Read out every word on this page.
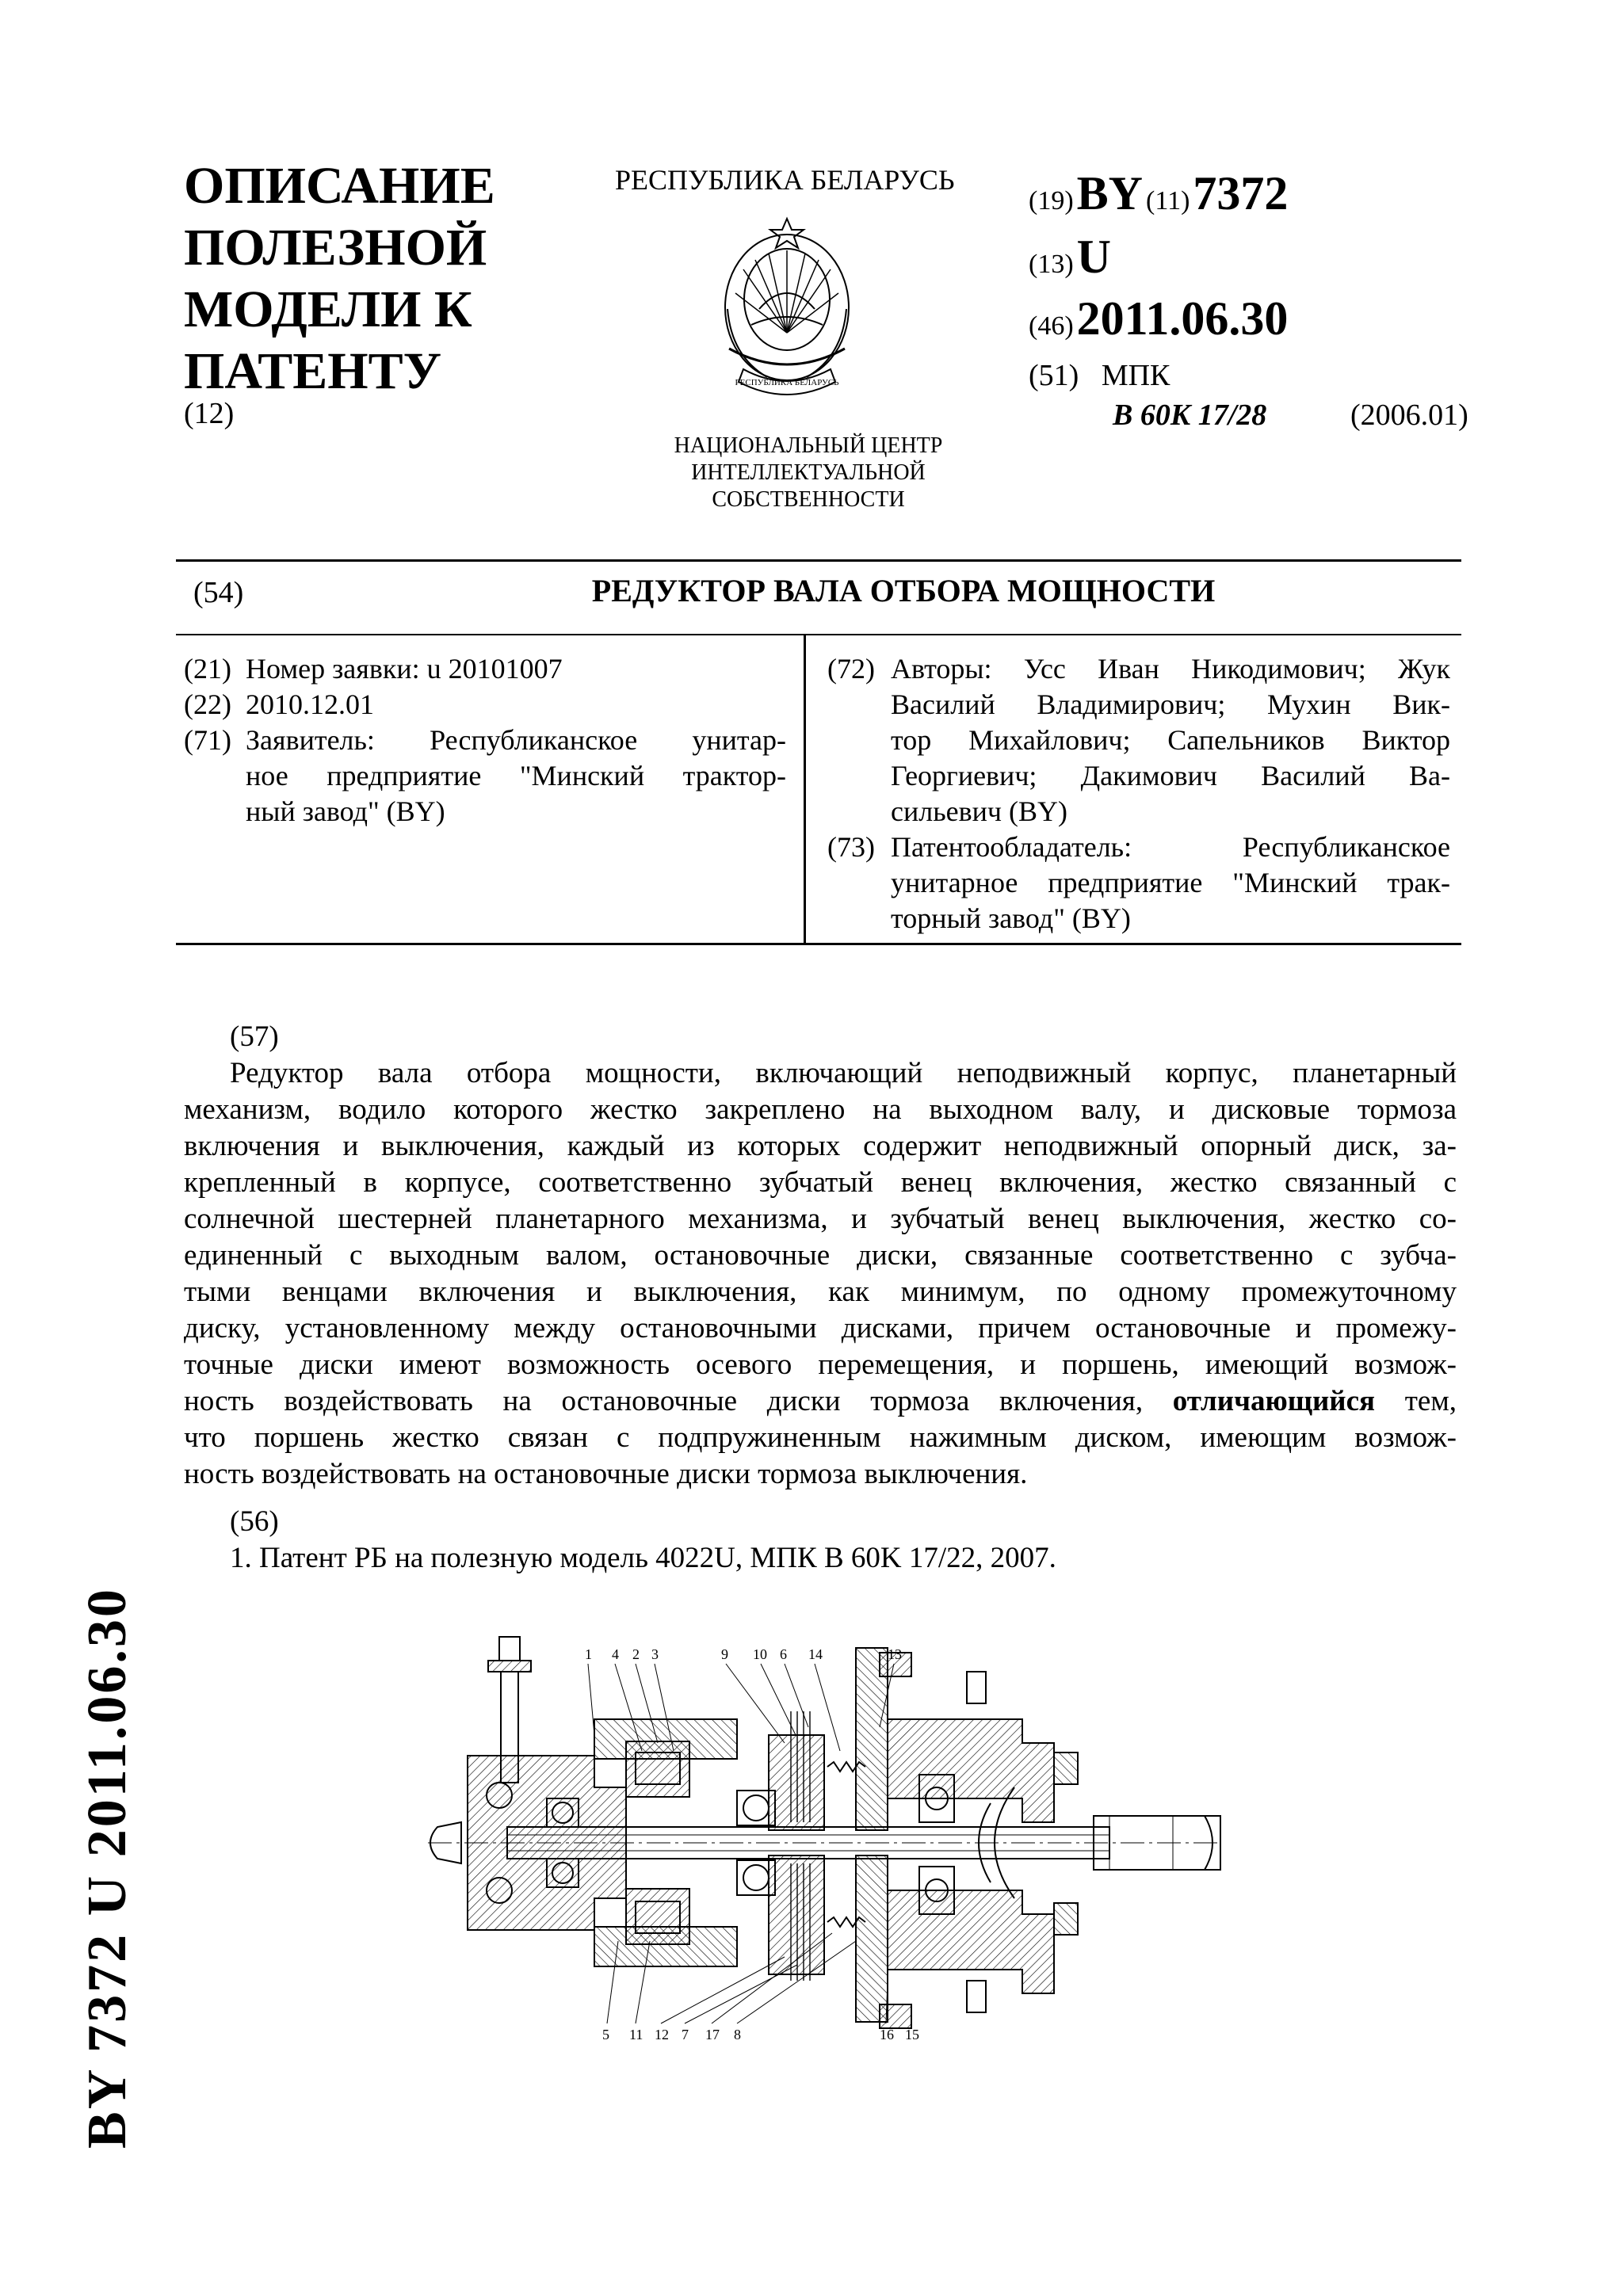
ОПИСАНИЕ
ПОЛЕЗНОЙ
МОДЕЛИ К
ПАТЕНТУ
(12)
РЕСПУБЛИКА БЕЛАРУСЬ
РЕСПУБЛИКА БЕЛАРУСЬ
НАЦИОНАЛЬНЫЙ ЦЕНТР
ИНТЕЛЛЕКТУАЛЬНОЙ
СОБСТВЕННОСТИ
(19) BY (11) 7372
(13) U
(46) 2011.06.30
(51) МПК
B 60K 17/28	(2006.01)
(54)	РЕДУКТОР ВАЛА ОТБОРА МОЩНОСТИ
(21) Номер заявки: u 20101007
(22) 2010.12.01
(71) Заявитель: Республиканское унитар-
ное предприятие "Минский трактор-
ный завод" (BY)
(72) Авторы: Усс Иван Никодимович; Жук
Василий Владимирович; Мухин Вик-
тор Михайлович; Сапельников Виктор
Георгиевич; Дакимович Василий Ва-
сильевич (BY)
(73) Патентообладатель: Республиканское
унитарное предприятие "Минский трак-
торный завод" (BY)
(57)
Редуктор вала отбора мощности, включающий неподвижный корпус, планетарный
механизм, водило которого жестко закреплено на выходном валу, и дисковые тормоза
включения и выключения, каждый из которых содержит неподвижный опорный диск, за-
крепленный в корпусе, соответственно зубчатый венец включения, жестко связанный с
солнечной шестерней планетарного механизма, и зубчатый венец выключения, жестко со-
единенный с выходным валом, остановочные диски, связанные соответственно с зубча-
тыми венцами включения и выключения, как минимум, по одному промежуточному
диску, установленному между остановочными дисками, причем остановочные и промежу-
точные диски имеют возможность осевого перемещения, и поршень, имеющий возмож-
ность воздействовать на остановочные диски тормоза включения, отличающийся тем,
что поршень жестко связан с подпружиненным нажимным диском, имеющим возмож-
ность воздействовать на остановочные диски тормоза выключения.
(56)
1. Патент РБ на полезную модель 4022U, МПК B 60K 17/22, 2007.
1 4 2 3	9 10 6 14	13
5 11 12 7 17 8	16 15
BY 7372 U 2011.06.30
